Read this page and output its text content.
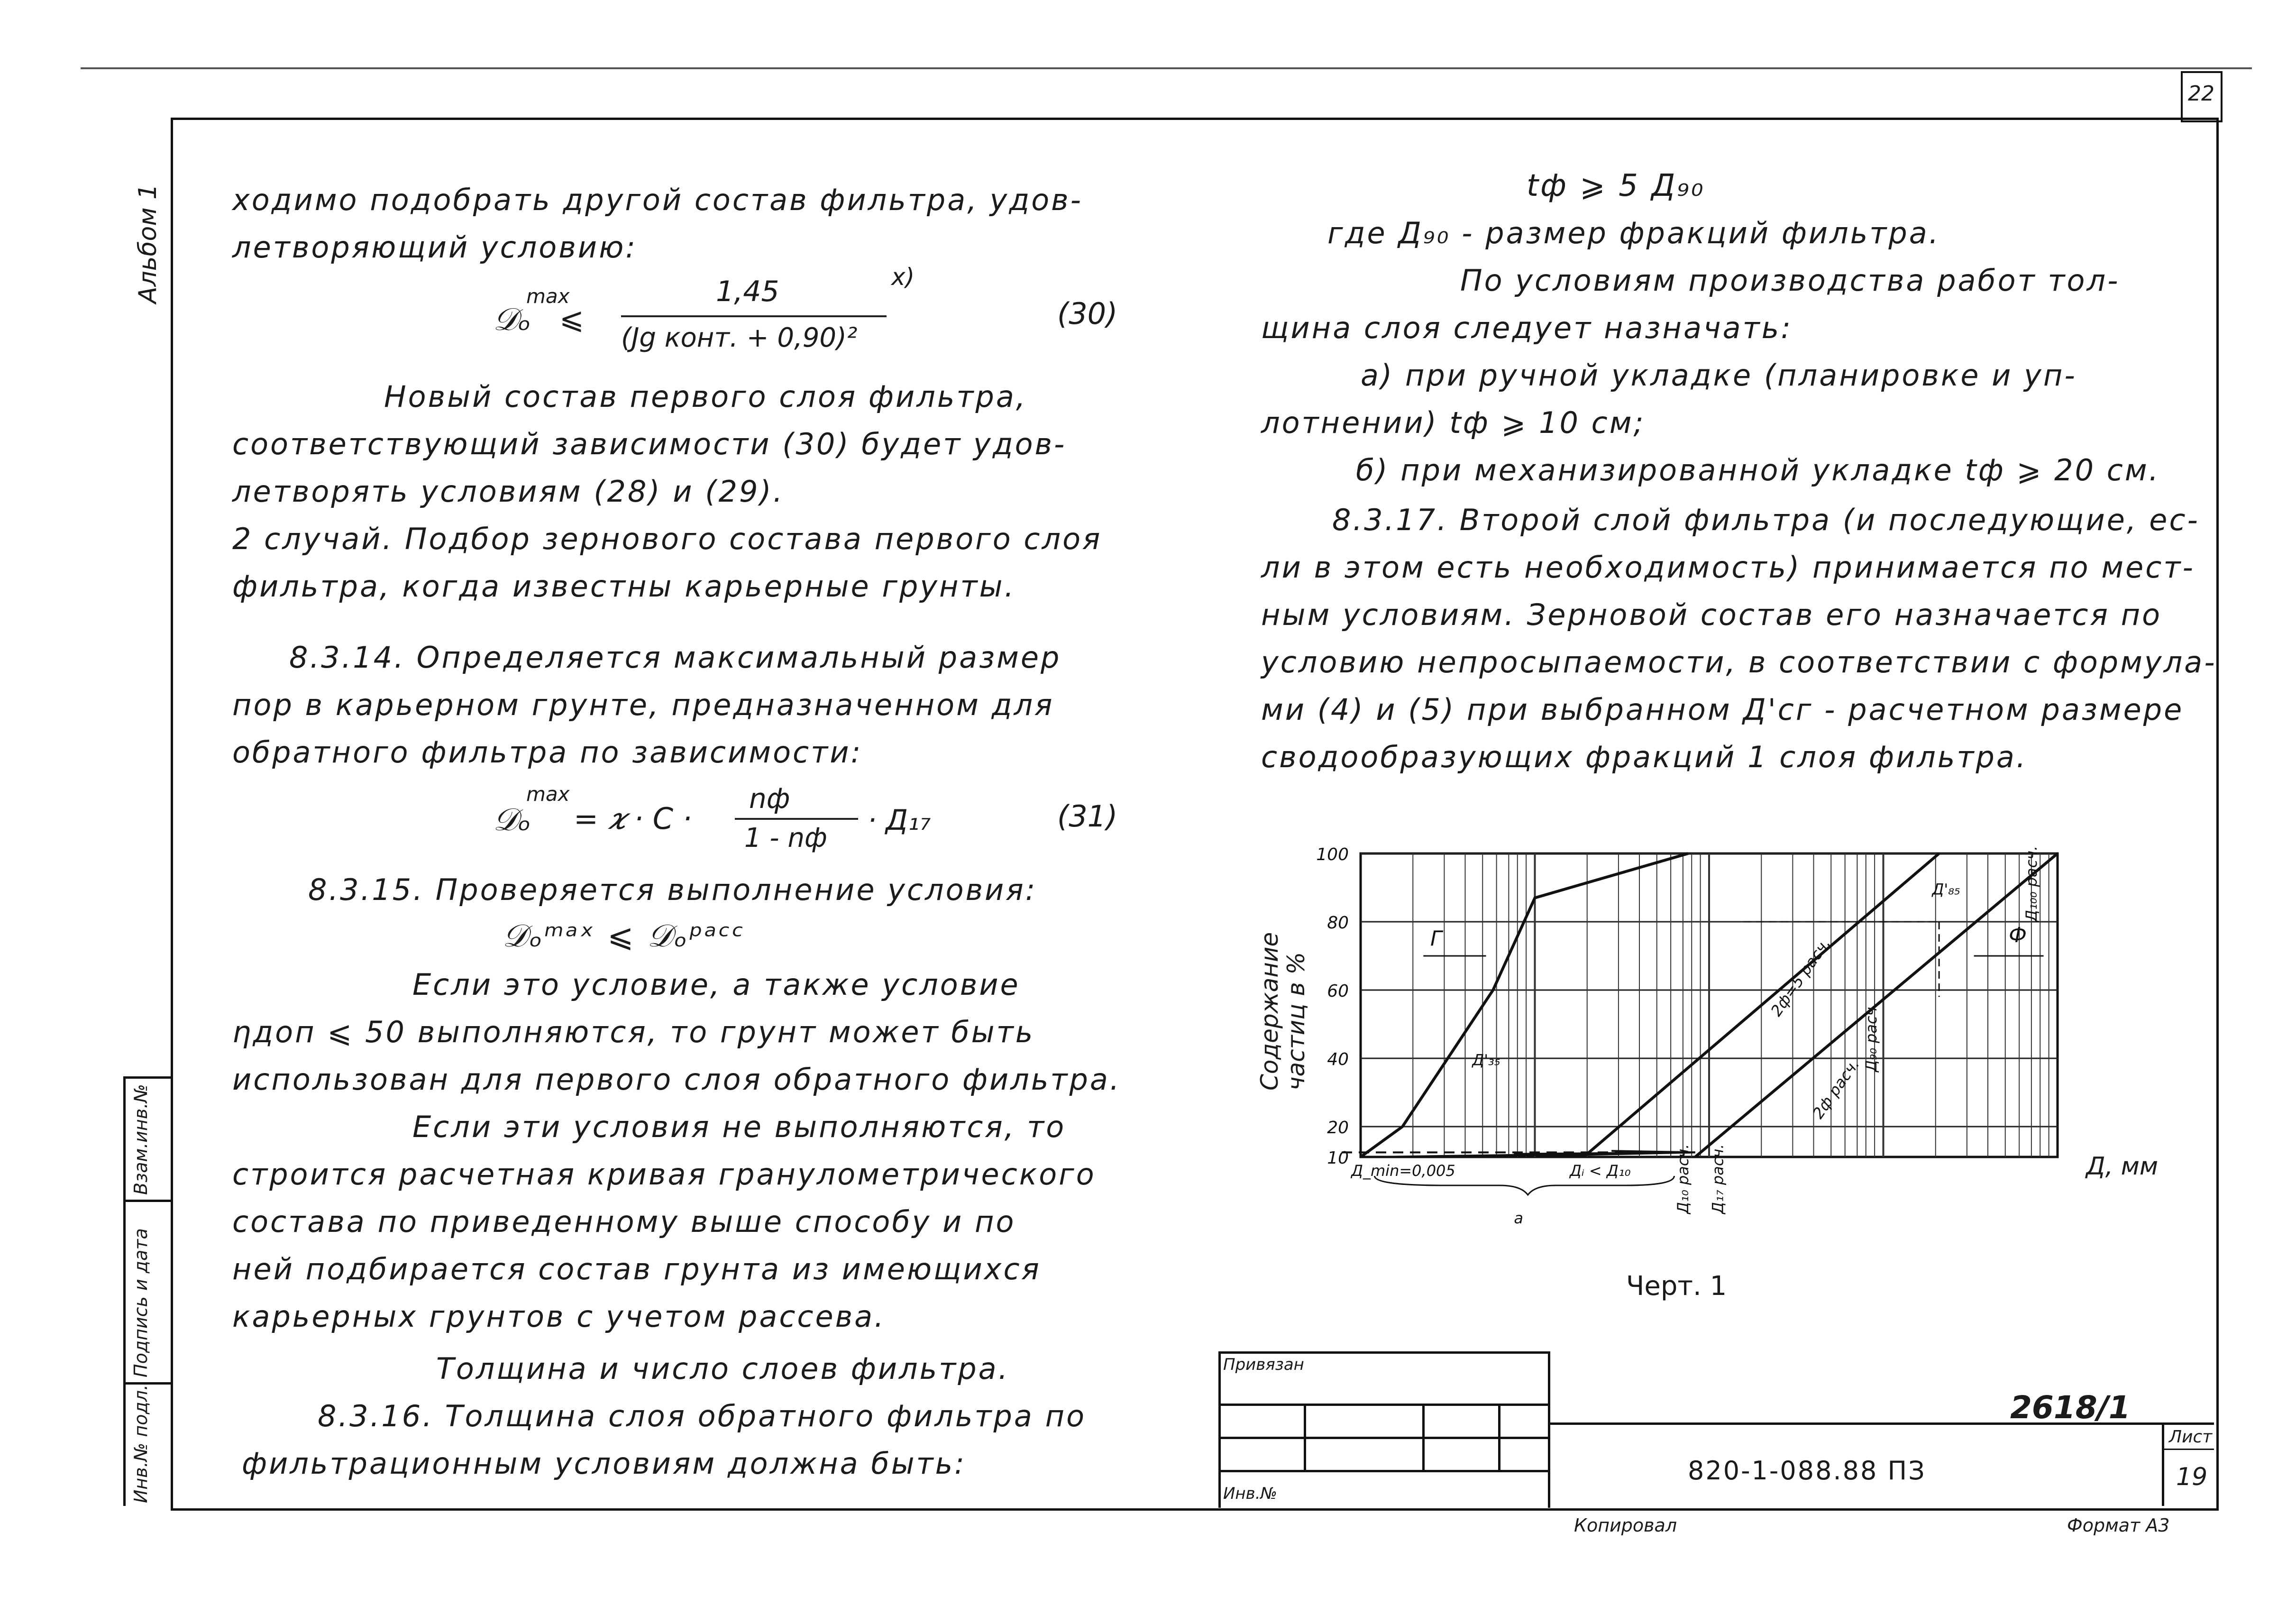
22
Альбом 1
Взам.инв.№
Подпись и дата
Инв.№ подл.
ходимо подобрать другой состав фильтра, удов-
летворяющий условию:
𝒟ₒ
max
⩽
1,45	x)
(Jg конт. + 0,90)²
(30)
Новый состав первого слоя фильтра,
соответствующий зависимости (30) будет удов-
летворять условиям (28) и (29).
2 случай. Подбор зернового состава первого слоя
фильтра, когда известны карьерные грунты.
8.3.14. Определяется максимальный размер
пор в карьерном грунте, предназначенном для
обратного фильтра по зависимости:
𝒟ₒ
max
= 𝜘 · C ·
nф
1 - nф
· Д₁₇	(31)
8.3.15. Проверяется выполнение условия:
𝒟ₒᵐᵃˣ ⩽ 𝒟ₒᵖᵃᶜᶜ
Если это условие, а также условие
ηдоп ⩽ 50 выполняются, то грунт может быть
использован для первого слоя обратного фильтра.
Если эти условия не выполняются, то
строится расчетная кривая гранулометрического
состава по приведенному выше способу и по
ней подбирается состав грунта из имеющихся
карьерных грунтов с учетом рассева.
Толщина и число слоев фильтра.
8.3.16. Толщина слоя обратного фильтра по
фильтрационным условиям должна быть:
tф ⩾ 5 Д₉₀
где Д₉₀ - размер фракций фильтра.
По условиям производства работ тол-
щина слоя следует назначать:
а) при ручной укладке (планировке и уп-
лотнении) tф ⩾ 10 см;
б) при механизированной укладке tф ⩾ 20 см.
8.3.17. Второй слой фильтра (и последующие, ес-
ли в этом есть необходимость) принимается по мест-
ным условиям. Зерновой состав его назначается по
условию непросыпаемости, в соответствии с формула-
ми (4) и (5) при выбранном Д'сг - расчетном размере
сводообразующих фракций 1 слоя фильтра.
100
80
60
40
20
10
Д'₈₅	Д₁₀₀ расч.
Д'₃₅	Д₉₀ расч.
2ф=5 расч.
2ф расч.
Д_min=0,005	Дᵢ < Д₁₀	Д₁₀ расч. Д₁₇ расч.
а
Г	Ф
Содержание частиц в %
Д, мм
Черт. 1
Привязан
Инв.№
820-1-088.88 ПЗ
2618/1
Лист
19
Копировал	Формат А3
